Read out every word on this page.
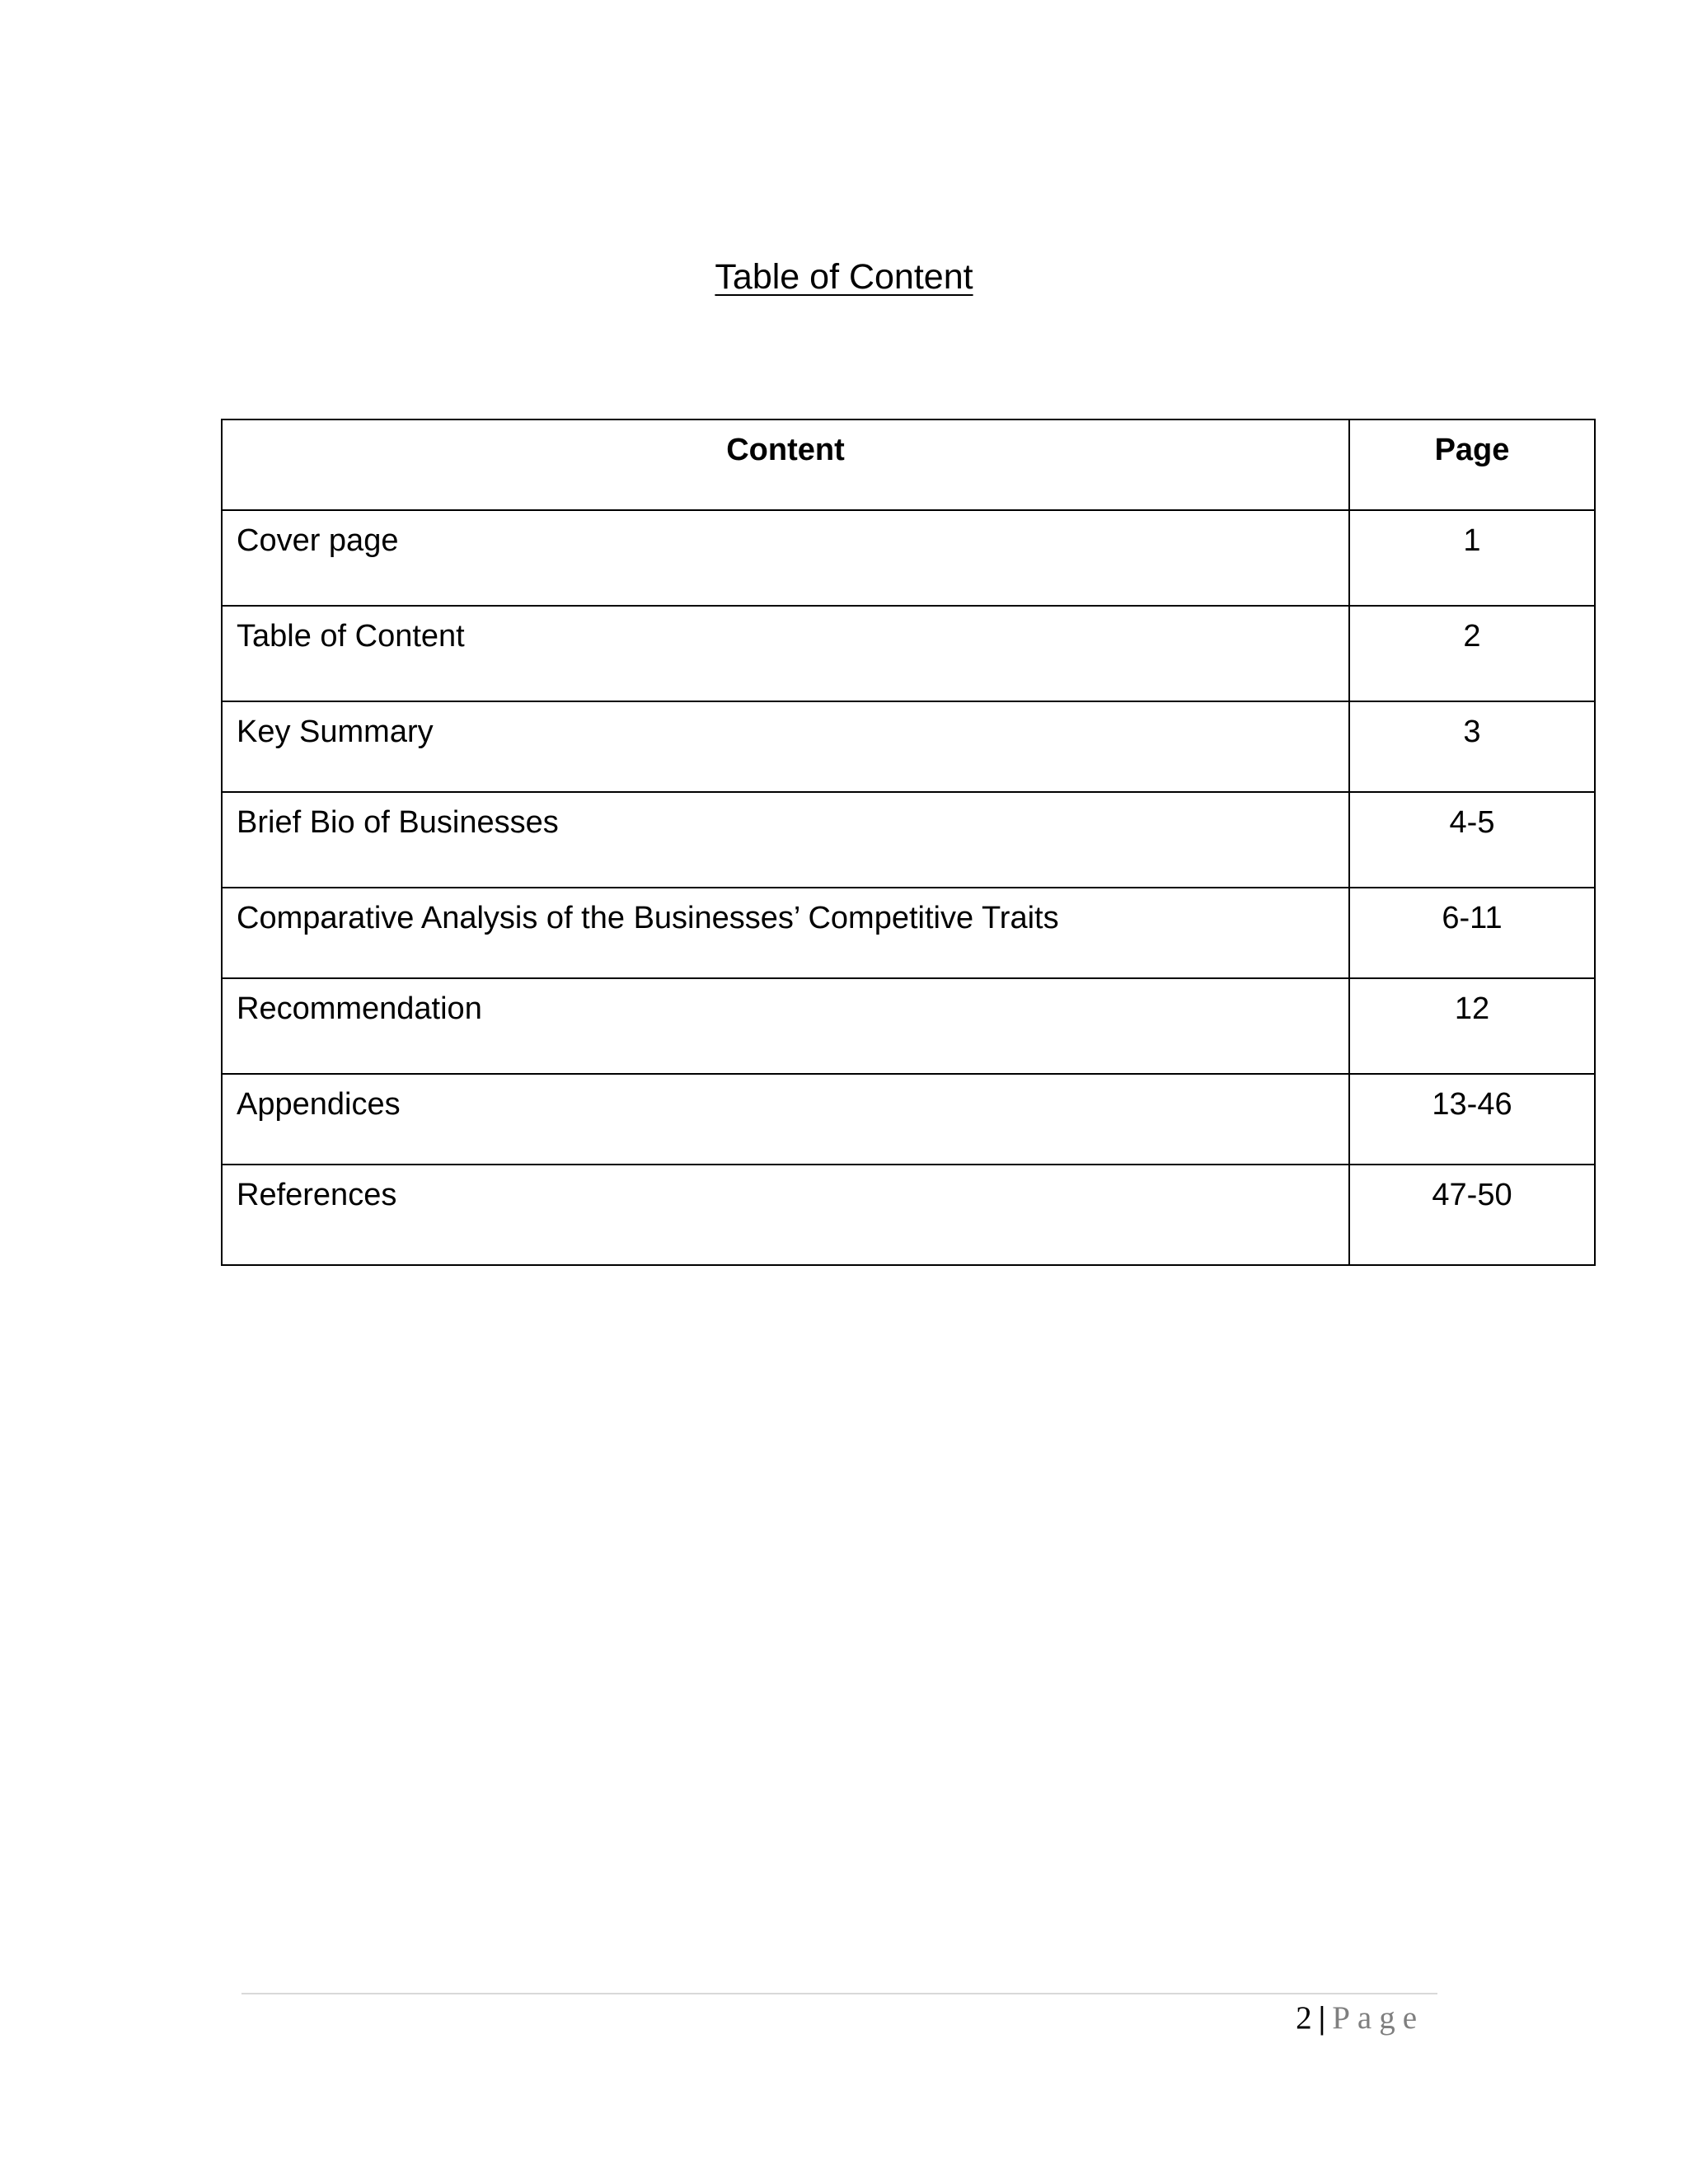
Table of Content
Content	Page
Cover page	1
Table of Content	2
Key Summary	3
Brief Bio of Businesses	4-5
Comparative Analysis of the Businesses’ Competitive Traits	6-11
Recommendation	12
Appendices	13-46
References	47-50
2 | Page
